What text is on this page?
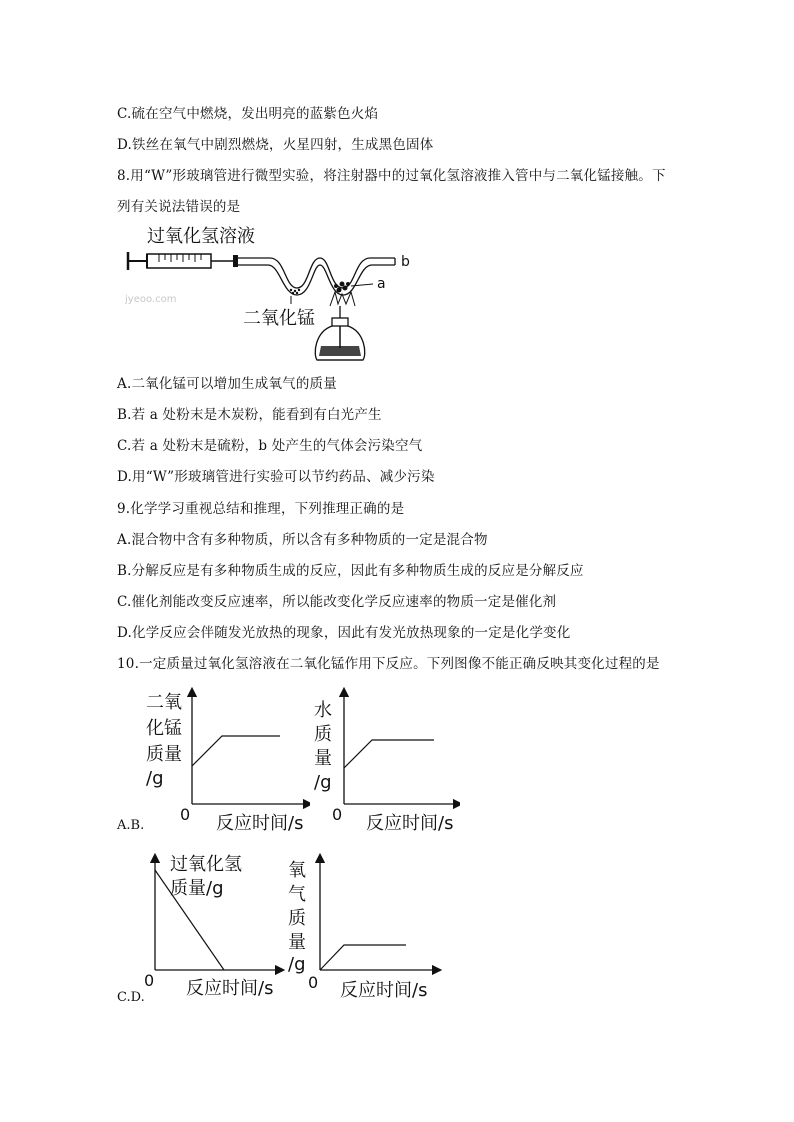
C.硫在空气中燃烧，发出明亮的蓝紫色火焰
D.铁丝在氧气中剧烈燃烧，火星四射，生成黑色固体
8.用“W”形玻璃管进行微型实验，将注射器中的过氧化氢溶液推入管中与二氧化锰接触。下
列有关说法错误的是
过氧化氢溶液
b
a
jyeoo.com
二氧化锰
A.二氧化锰可以增加生成氧气的质量
B.若 a 处粉末是木炭粉，能看到有白光产生
C.若 a 处粉末是硫粉，b 处产生的气体会污染空气
D.用“W”形玻璃管进行实验可以节约药品、减少污染
9.化学学习重视总结和推理，下列推理正确的是
A.混合物中含有多种物质，所以含有多种物质的一定是混合物
B.分解反应是有多种物质生成的反应，因此有多种物质生成的反应是分解反应
C.催化剂能改变反应速率，所以能改变化学反应速率的物质一定是催化剂
D.化学反应会伴随发光放热的现象，因此有发光放热现象的一定是化学变化
10.一定质量过氧化氢溶液在二氧化锰作用下反应。下列图像不能正确反映其变化过程的是
二氧
化锰
质量
/g
0 反应时间/s
水
质
量
/g
0 反应时间/s
A.B.
过氧化氢
质量/g
0 反应时间/s
氧
气
质
量
/g
0 反应时间/s
C.D.
